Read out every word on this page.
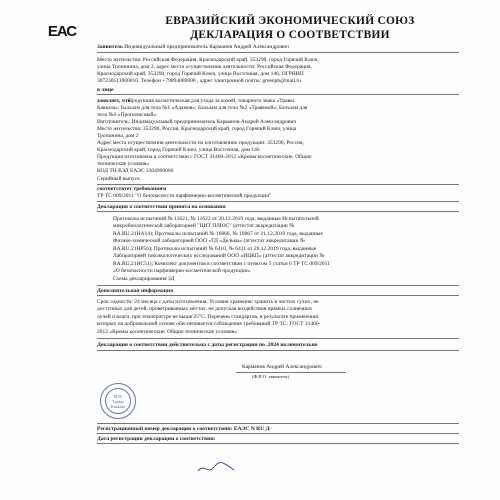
ЕАС
ЕВРАЗИЙСКИЙ ЭКОНОМИЧЕСКИЙ СОЮЗ
ДЕКЛАРАЦИЯ О СООТВЕТСТВИИ
Заявитель Индивидуальный предприниматель Карманов Андрей Александрович
Место жительства: Российская Федерация, Краснодарский край, 353290, город Горячий Ключ,
улица Тропинина, дом 2, адрес места осуществления деятельности: Российская Федерация,
Краснодарский край, 353290, город Горячий Ключ, улица Восточная, дом 146, ОГРНИП
307230511000010. Телефон +79894080000 , адрес электронной почты: greenpb@mail.ru
в лице
заявляет, что
Продукция косметическая для ухода за кожей, товарного знака «Травы
Кавказа»: Бальзам для тела №1 «Адамов»; Бальзам для тела №2 «Травяной»; Бальзам для
тела №3 «Прополисный».
Изготовитель: Индивидуальный предприниматель Карманов Андрей Александрович
Место жительства: 353290, Россия, Краснодарский край, город Горячий Ключ, улица
Тропинина, дом 2
Адрес места осуществления деятельности по изготовлению продукции: 353290, Россия,
Краснодарский край, город Горячий Ключ, улица Восточная, дом 146
Продукция изготовлена в соответствии с ГОСТ 31460-2012 «Кремы косметические. Общие
технические условия»
КОД ТН ВЭД ЕАЭС 3304990000
Серийный выпуск
соответствует требованиям
ТР ТС 009/2011 "О безопасности парфюмерно-косметической продукции"
Декларация о соответствии принята на основании
Протоколы испытаний № 11621, № 11622 от 20.12.2019 года, выданные Испытательной
микробиологической лабораторией "ЦИТ ПЛЮС" (аттестат аккредитации №
RA.RU.21НА14); Протоколы испытаний № 16866, № 16867 от 21.12.2019 года, выданные
Физико-химической лабораторией ООО «ТД «Дельма» (аттестат аккредитации №
RA.RU.21НР56); Протоколы испытаний № 6410, № 6411 от 26.12.2019 года, выданные
Лабораторией токсикологических исследований ООО «ИЦКП» (аттестат аккредитации №
RA.RU.21НС51); Комплект документов в соответствии с пунктом 5 статьи 6 ТР ТС 009/2011
«О безопасности парфюмерно-косметической продукции»
Схема декларирования 3Д
Дополнительная информация
Срок годности: 24 месяца с даты изготовления. Условия хранения: хранить в чистых сухих, не
доступных для детей, проветриваемых местах, не допуская воздействия прямых солнечных
лучей и влаги, при температуре не выше 25°С. Перечень стандартов, в результате применения
которых на добровольной основе обеспечивается соблюдение требований ТР ТС: ГОСТ 31460-
2012 «Кремы косметические. Общие технические условия»
Декларация о соответствии действительна с даты регистрации по .2024 включительно
Карманов Андрей Александрович
(Ф.И.О. заявителя)
М.П.
Травы
Кавказа
Регистрационный номер декларации о соответствии: ЕАЭС N RU Д-
Дата регистрации декларации о соответствии:
